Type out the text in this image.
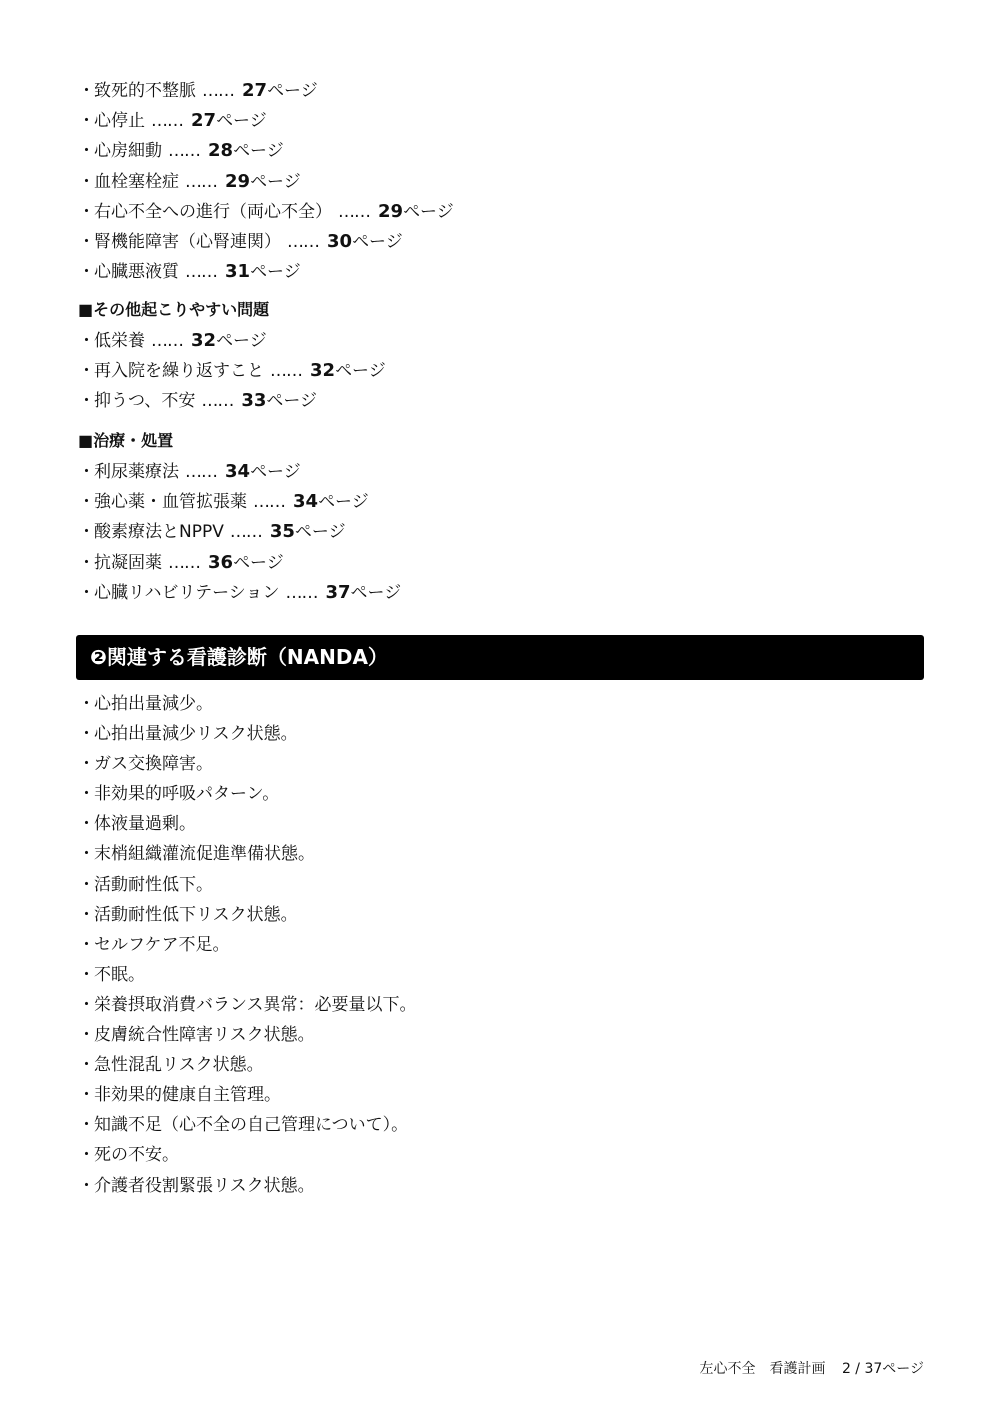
・致死的不整脈 …… 27ページ
・心停止 …… 27ページ
・心房細動 …… 28ページ
・血栓塞栓症 …… 29ページ
・右心不全への進行（両心不全） …… 29ページ
・腎機能障害（心腎連関） …… 30ページ
・心臓悪液質 …… 31ページ
■その他起こりやすい問題
・低栄養 …… 32ページ
・再入院を繰り返すこと …… 32ページ
・抑うつ、不安 …… 33ページ
■治療・処置
・利尿薬療法 …… 34ページ
・強心薬・血管拡張薬 …… 34ページ
・酸素療法とNPPV …… 35ページ
・抗凝固薬 …… 36ページ
・心臓リハビリテーション …… 37ページ
❷関連する看護診断（NANDA）
・心拍出量減少。
・心拍出量減少リスク状態。
・ガス交換障害。
・非効果的呼吸パターン。
・体液量過剰。
・末梢組織灌流促進準備状態。
・活動耐性低下。
・活動耐性低下リスク状態。
・セルフケア不足。
・不眠。
・栄養摂取消費バランス異常：必要量以下。
・皮膚統合性障害リスク状態。
・急性混乱リスク状態。
・非効果的健康自主管理。
・知識不足（心不全の自己管理について）。
・死の不安。
・介護者役割緊張リスク状態。
左心不全　看護計画 2 / 37ページ
